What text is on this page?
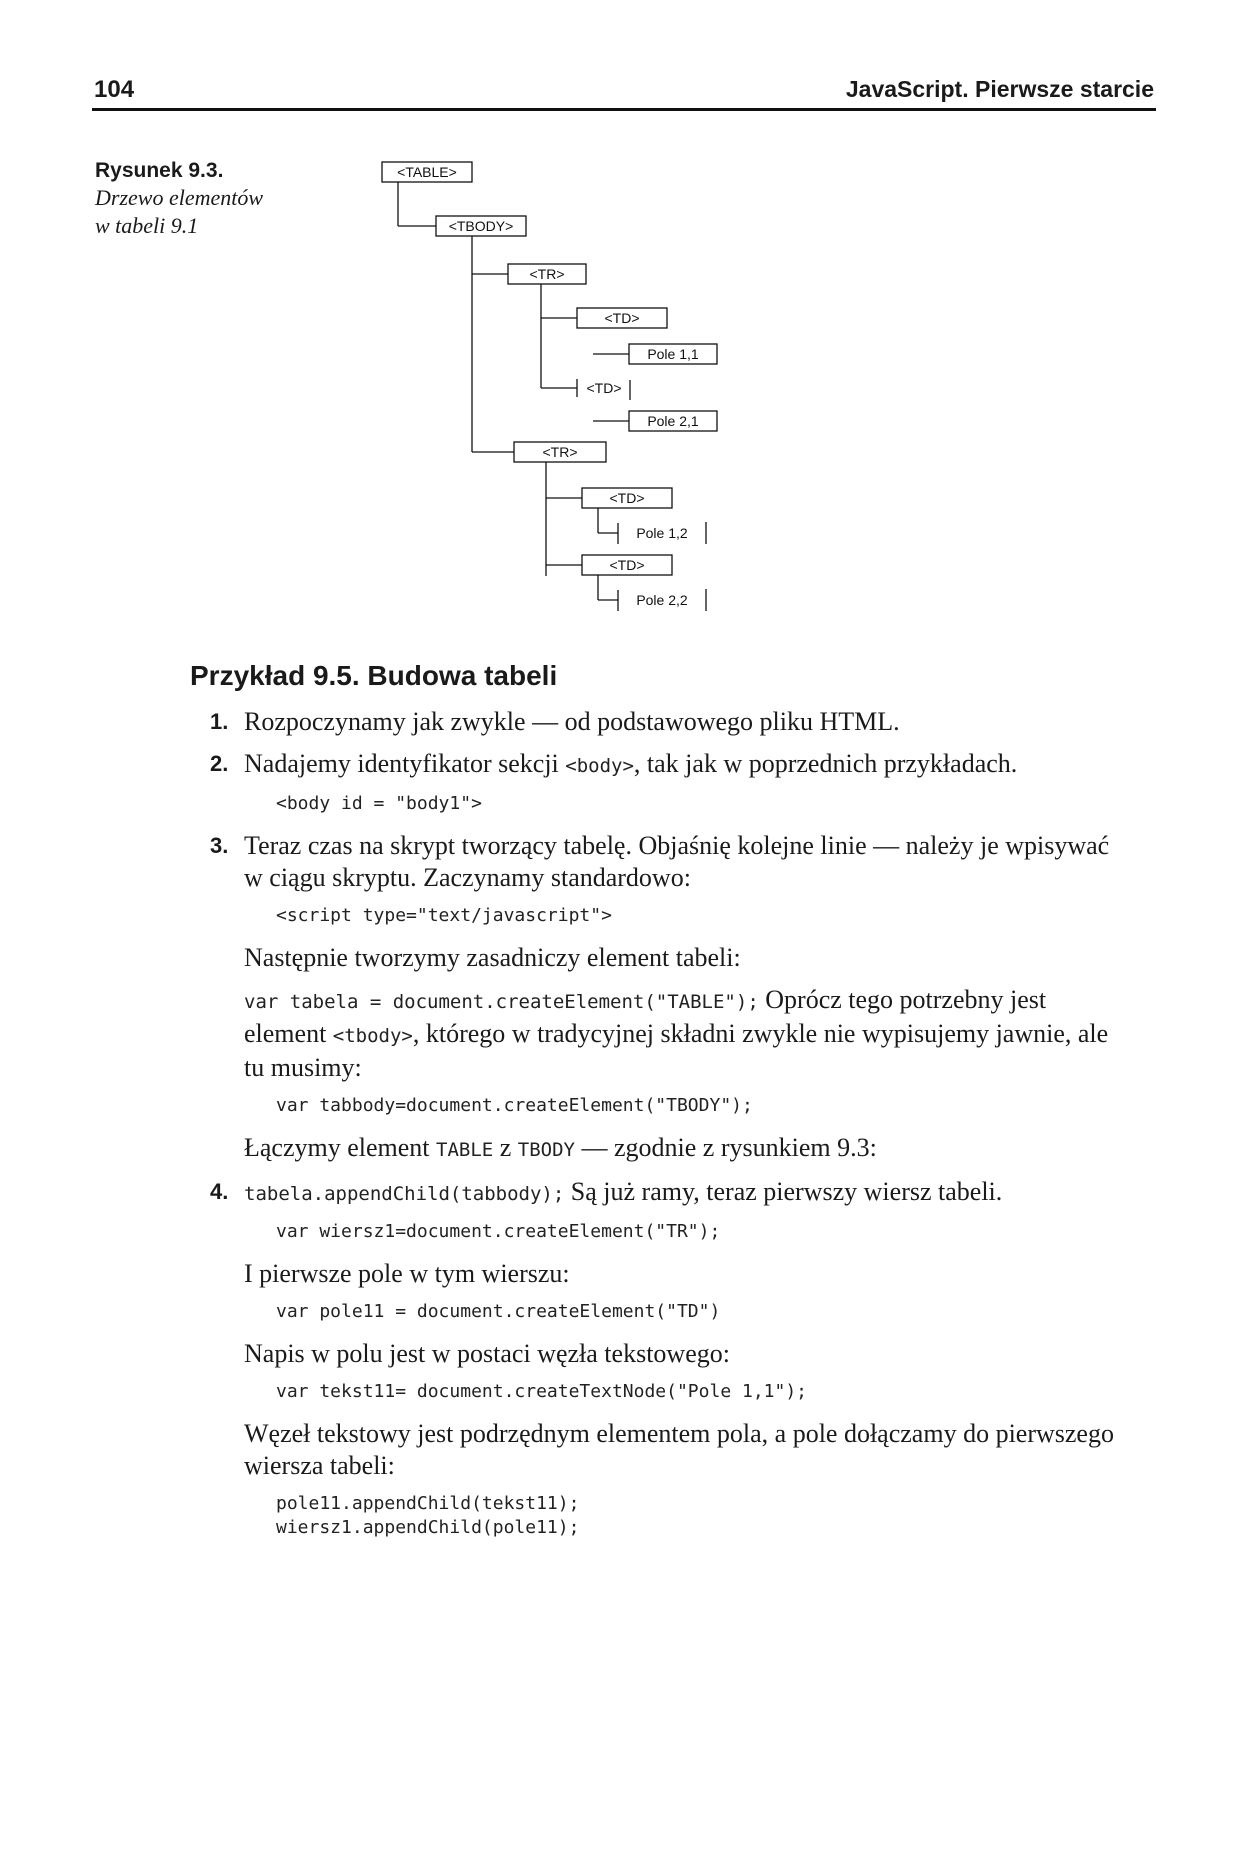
104	JavaScript. Pierwsze starcie
Rysunek 9.3.
Drzewo elementów
w tabeli 9.1
<TABLE>
<TBODY>
<TR>
<TD>
Pole 1,1
<TD>
Pole 2,1
<TR>
<TD>
Pole 1,2
<TD>
Pole 2,2
Przykład 9.5. Budowa tabeli
1. Rozpoczynamy jak zwykle — od podstawowego pliku HTML.
2. Nadajemy identyfikator sekcji <body>, tak jak w poprzednich przykładach.
<body id = "body1">
3. Teraz czas na skrypt tworzący tabelę. Objaśnię kolejne linie — należy je wpisywać w ciągu skryptu. Zaczynamy standardowo:
<script type="text/javascript">
Następnie tworzymy zasadniczy element tabeli:
var tabela = document.createElement("TABLE"); Oprócz tego potrzebny jest element <tbody>, którego w tradycyjnej składni zwykle nie wypisujemy jawnie, ale tu musimy:
var tabbody=document.createElement("TBODY");
Łączymy element TABLE z TBODY — zgodnie z rysunkiem 9.3:
4. tabela.appendChild(tabbody); Są już ramy, teraz pierwszy wiersz tabeli.
var wiersz1=document.createElement("TR");
I pierwsze pole w tym wierszu:
var pole11 = document.createElement("TD")
Napis w polu jest w postaci węzła tekstowego:
var tekst11= document.createTextNode("Pole 1,1");
Węzeł tekstowy jest podrzędnym elementem pola, a pole dołączamy do pierwszego wiersza tabeli:
pole11.appendChild(tekst11);
wiersz1.appendChild(pole11);
